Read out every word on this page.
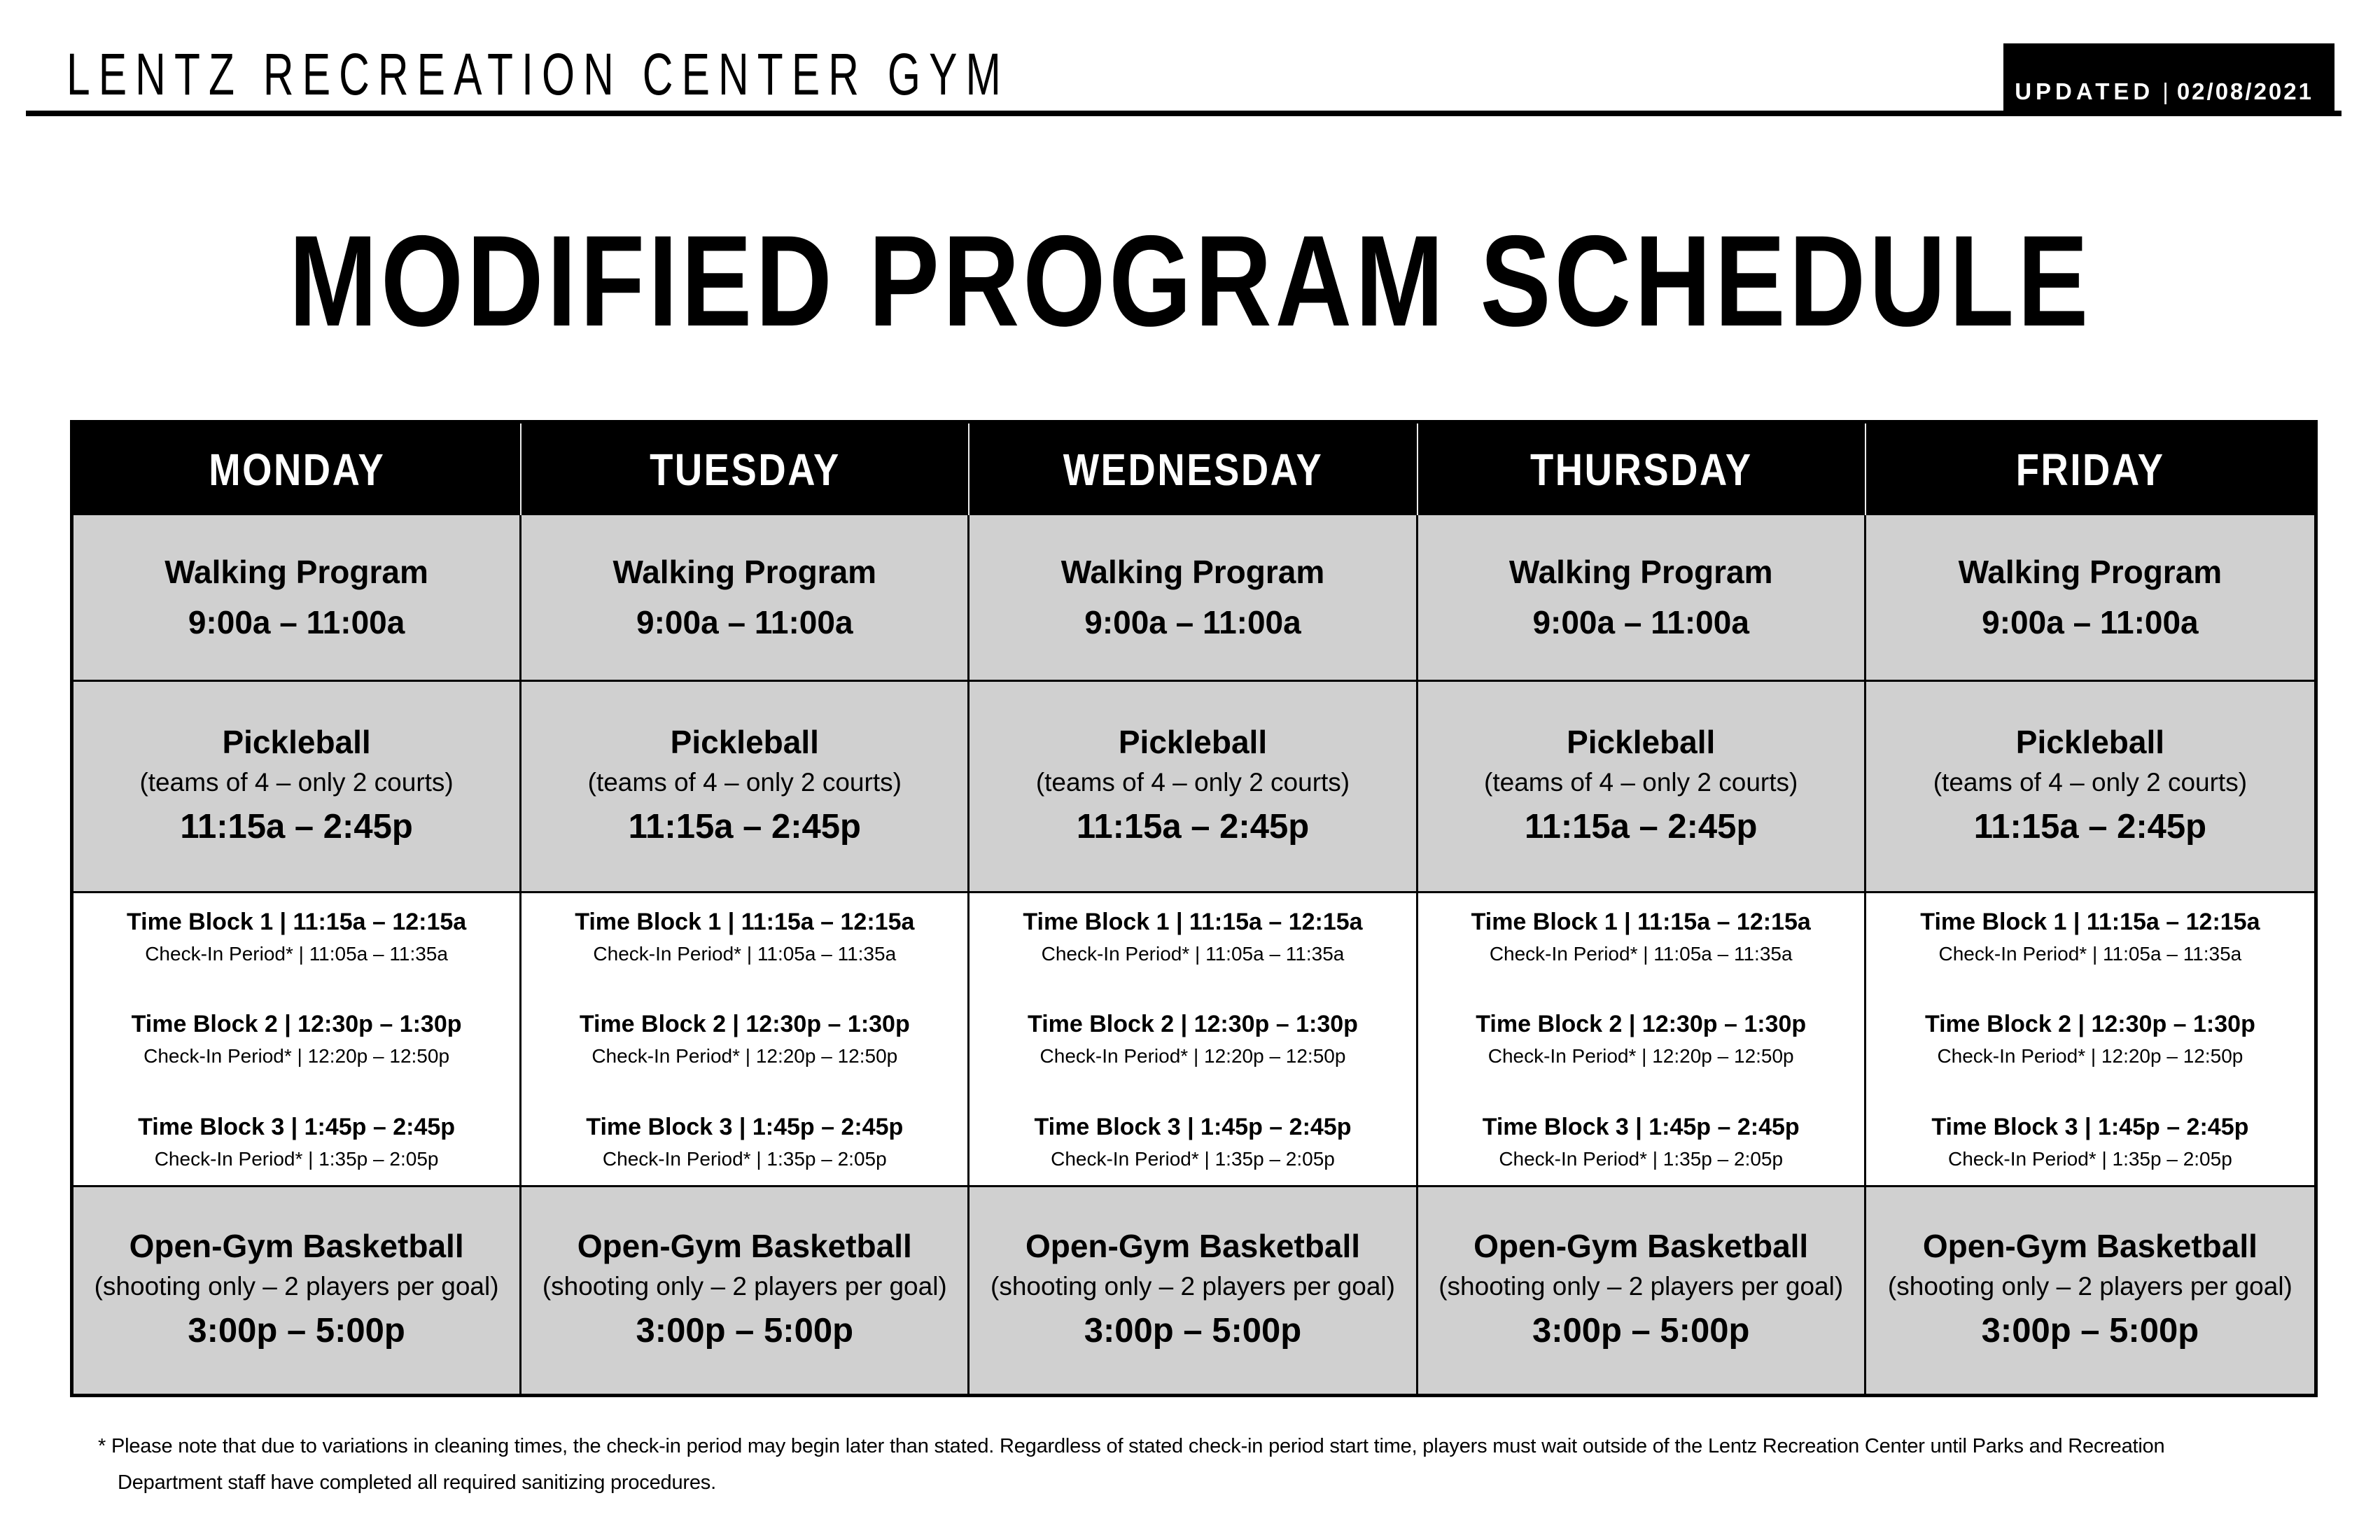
LENTZ RECREATION CENTER GYM	UPDATED | 02/08/2021
MODIFIED PROGRAM SCHEDULE
MONDAY
Walking Program
9:00a – 11:00a
Pickleball
(teams of 4 – only 2 courts)
11:15a – 2:45p
Time Block 1 | 11:15a – 12:15a
Check-In Period* | 11:05a – 11:35a
Time Block 2 | 12:30p – 1:30p
Check-In Period* | 12:20p – 12:50p
Time Block 3 | 1:45p – 2:45p
Check-In Period* | 1:35p – 2:05p
Open-Gym Basketball
(shooting only – 2 players per goal)
3:00p – 5:00p
TUESDAY
Walking Program
9:00a – 11:00a
Pickleball
(teams of 4 – only 2 courts)
11:15a – 2:45p
Time Block 1 | 11:15a – 12:15a
Check-In Period* | 11:05a – 11:35a
Time Block 2 | 12:30p – 1:30p
Check-In Period* | 12:20p – 12:50p
Time Block 3 | 1:45p – 2:45p
Check-In Period* | 1:35p – 2:05p
Open-Gym Basketball
(shooting only – 2 players per goal)
3:00p – 5:00p
WEDNESDAY
Walking Program
9:00a – 11:00a
Pickleball
(teams of 4 – only 2 courts)
11:15a – 2:45p
Time Block 1 | 11:15a – 12:15a
Check-In Period* | 11:05a – 11:35a
Time Block 2 | 12:30p – 1:30p
Check-In Period* | 12:20p – 12:50p
Time Block 3 | 1:45p – 2:45p
Check-In Period* | 1:35p – 2:05p
Open-Gym Basketball
(shooting only – 2 players per goal)
3:00p – 5:00p
THURSDAY
Walking Program
9:00a – 11:00a
Pickleball
(teams of 4 – only 2 courts)
11:15a – 2:45p
Time Block 1 | 11:15a – 12:15a
Check-In Period* | 11:05a – 11:35a
Time Block 2 | 12:30p – 1:30p
Check-In Period* | 12:20p – 12:50p
Time Block 3 | 1:45p – 2:45p
Check-In Period* | 1:35p – 2:05p
Open-Gym Basketball
(shooting only – 2 players per goal)
3:00p – 5:00p
FRIDAY
Walking Program
9:00a – 11:00a
Pickleball
(teams of 4 – only 2 courts)
11:15a – 2:45p
Time Block 1 | 11:15a – 12:15a
Check-In Period* | 11:05a – 11:35a
Time Block 2 | 12:30p – 1:30p
Check-In Period* | 12:20p – 12:50p
Time Block 3 | 1:45p – 2:45p
Check-In Period* | 1:35p – 2:05p
Open-Gym Basketball
(shooting only – 2 players per goal)
3:00p – 5:00p
* Please note that due to variations in cleaning times, the check-in period may begin later than stated. Regardless of stated check-in period start time, players must wait outside of the Lentz Recreation Center until Parks and Recreation
Department staff have completed all required sanitizing procedures.
